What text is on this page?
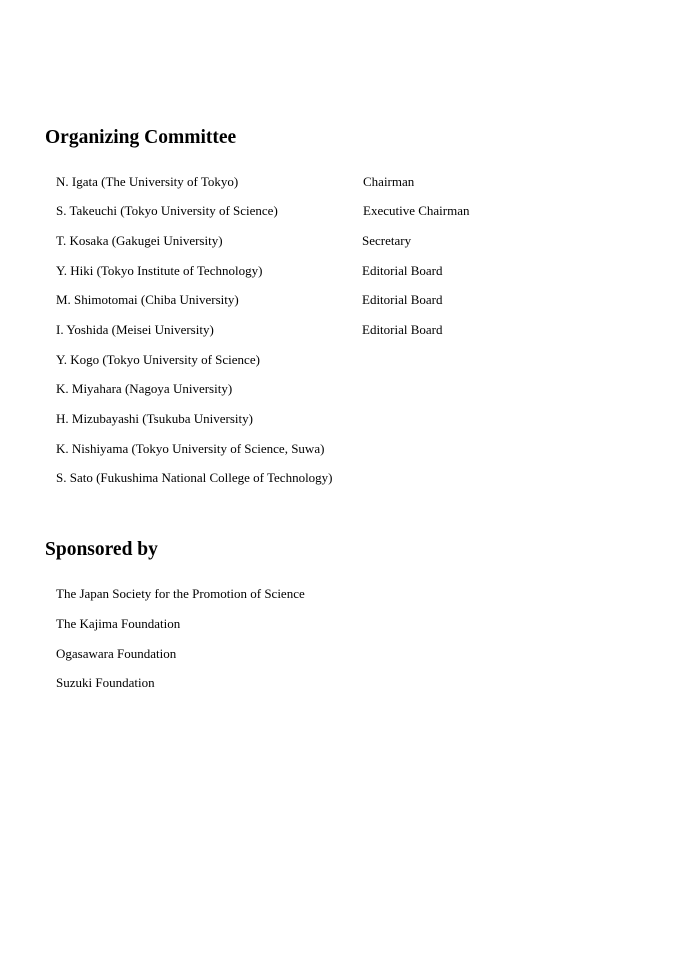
Organizing Committee
N. Igata (The University of Tokyo)	Chairman
S. Takeuchi (Tokyo University of Science)	Executive Chairman
T. Kosaka (Gakugei University)	Secretary
Y. Hiki (Tokyo Institute of Technology)	Editorial Board
M. Shimotomai (Chiba University)	Editorial Board
I. Yoshida (Meisei University)	Editorial Board
Y. Kogo (Tokyo University of Science)
K. Miyahara (Nagoya University)
H. Mizubayashi (Tsukuba University)
K. Nishiyama (Tokyo University of Science, Suwa)
S. Sato (Fukushima National College of Technology)
Sponsored by
The Japan Society for the Promotion of Science
The Kajima Foundation
Ogasawara Foundation
Suzuki Foundation
